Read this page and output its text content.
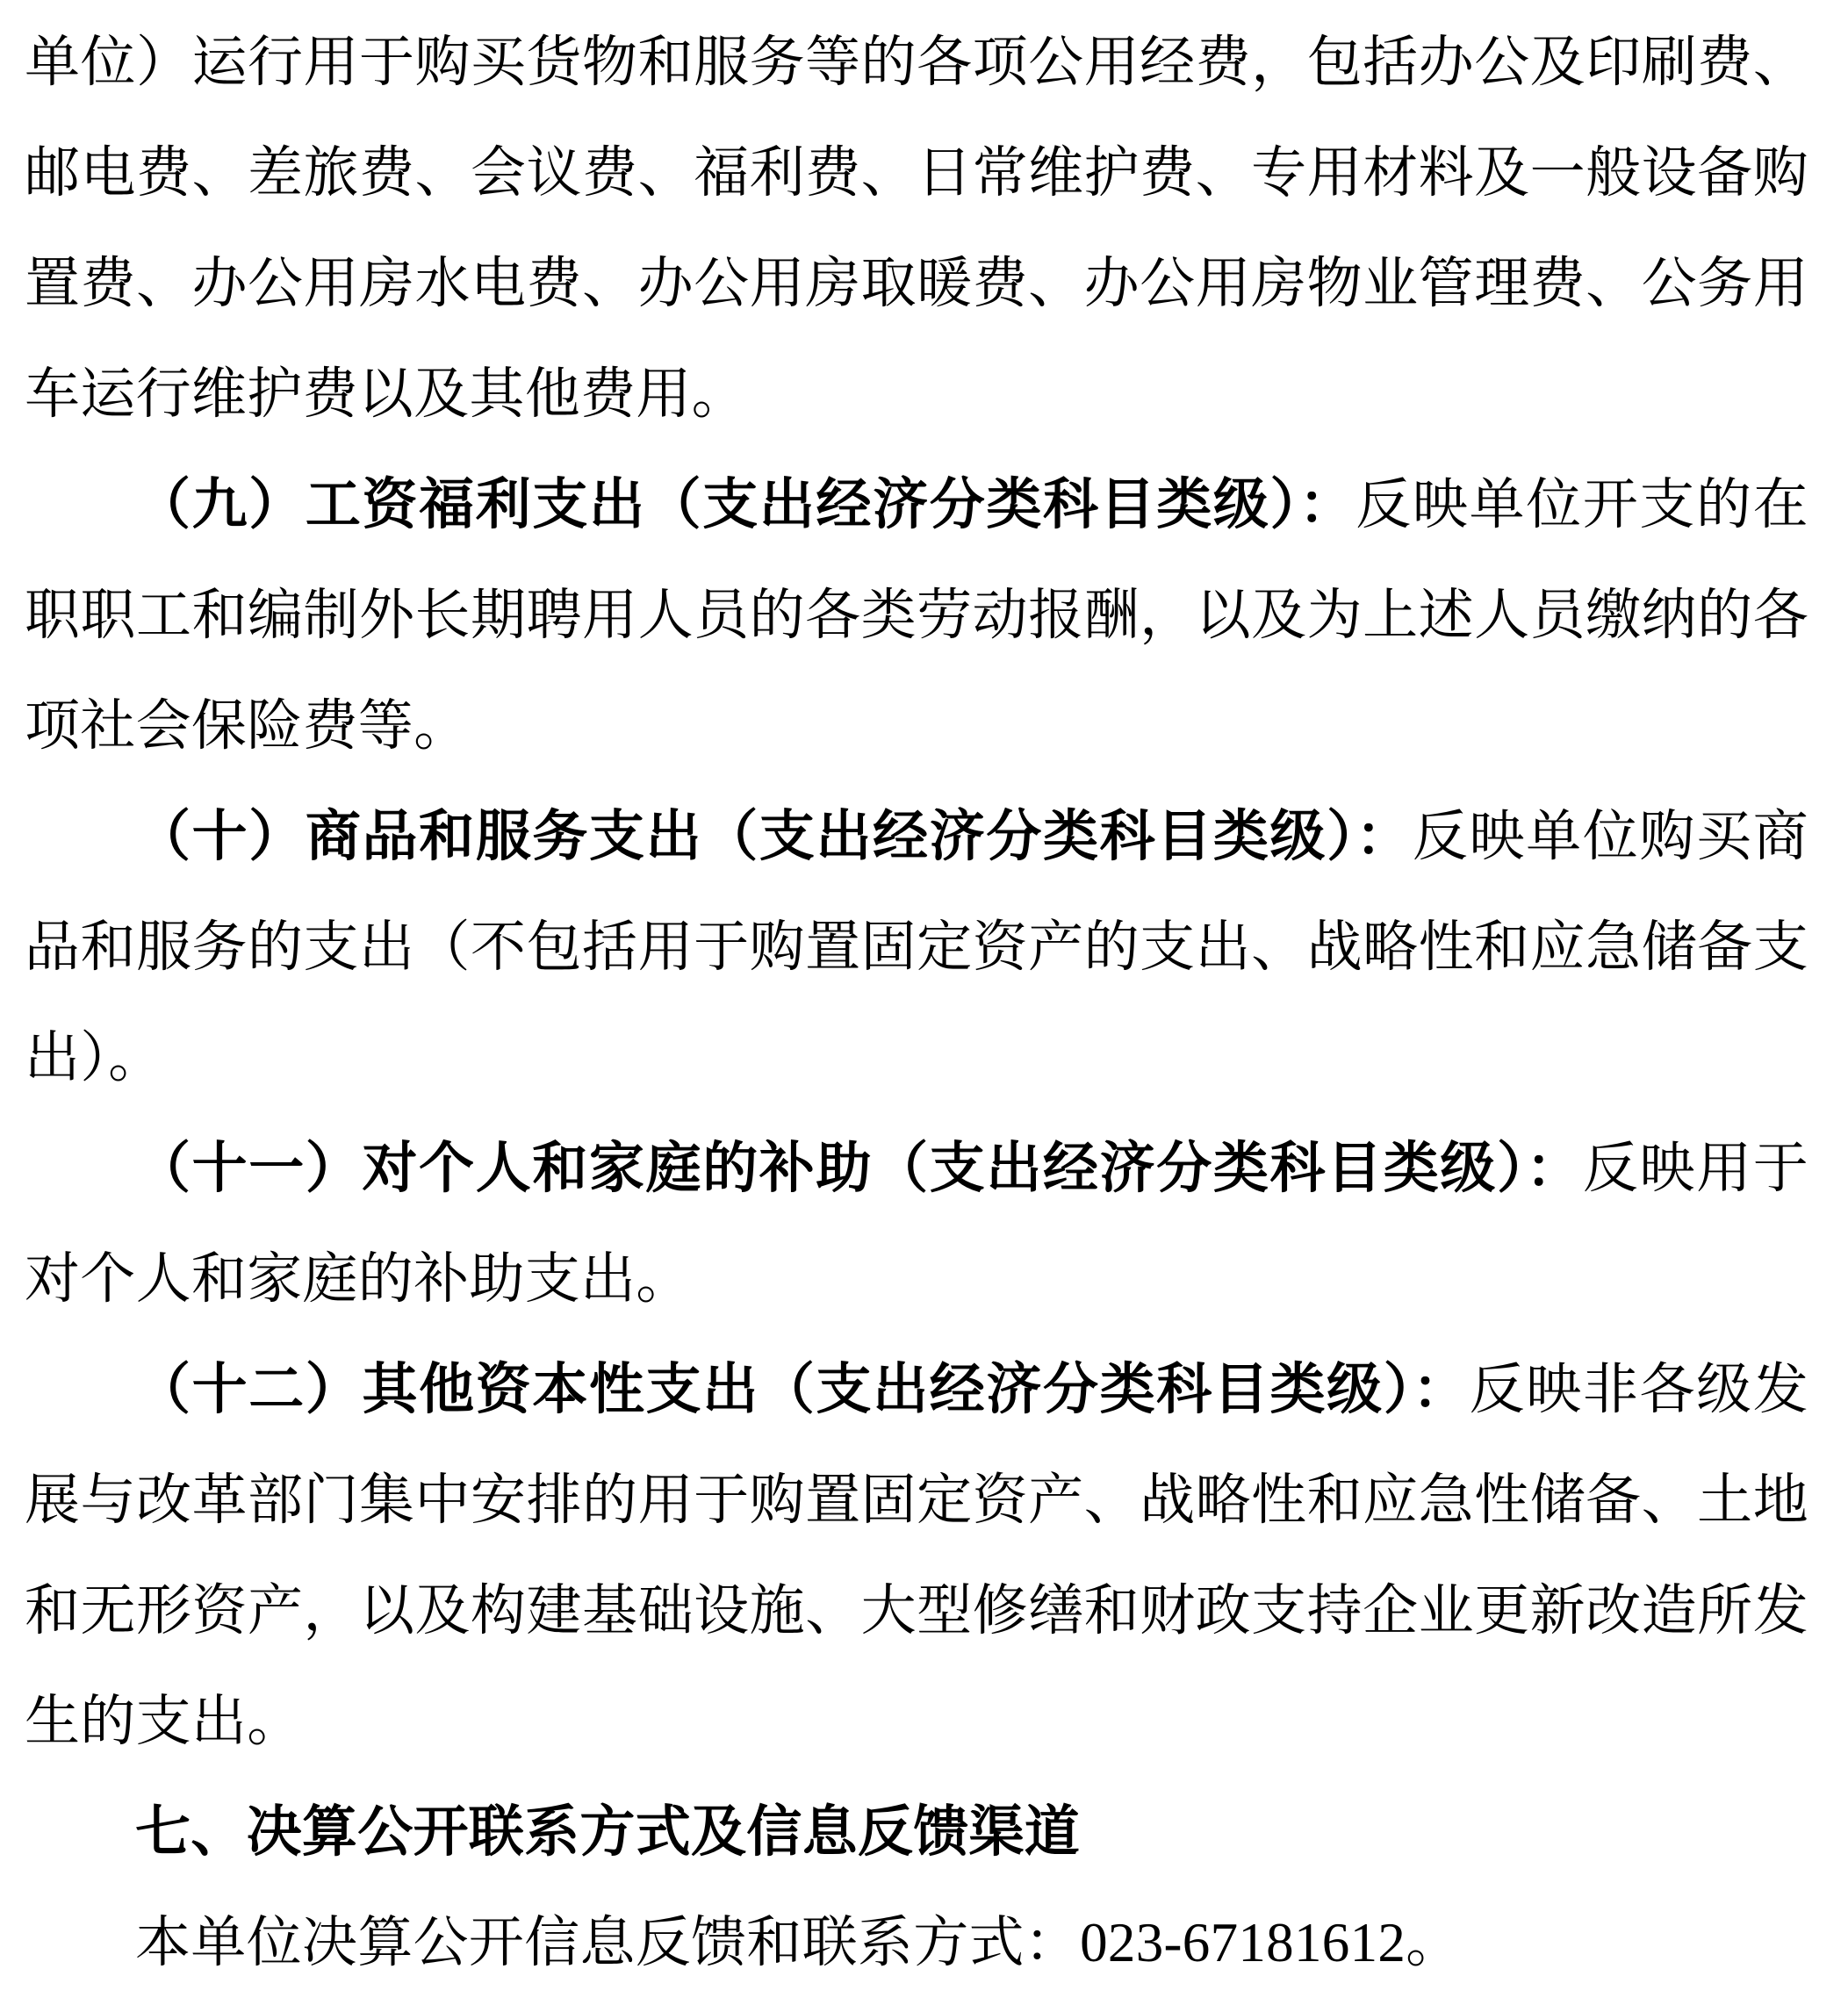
单位）运行用于购买货物和服务等的各项公用经费，包括办公及印刷费、
邮电费、差旅费、会议费、福利费、日常维护费、专用材料及一般设备购
置费、办公用房水电费、办公用房取暖费、办公用房物业管理费、公务用
车运行维护费以及其他费用。
（九）工资福利支出（支出经济分类科目类级）：反映单位开支的在
职职工和编制外长期聘用人员的各类劳动报酬，以及为上述人员缴纳的各
项社会保险费等。
（十）商品和服务支出（支出经济分类科目类级）：反映单位购买商
品和服务的支出（不包括用于购置固定资产的支出、战略性和应急储备支
出）。
（十一）对个人和家庭的补助（支出经济分类科目类级）：反映用于
对个人和家庭的补助支出。
（十二）其他资本性支出（支出经济分类科目类级）：反映非各级发
展与改革部门集中安排的用于购置固定资产、战略性和应急性储备、土地
和无形资产，以及构建基础设施、大型修缮和财政支持企业更新改造所发
生的支出。
七、决算公开联系方式及信息反馈渠道
本单位决算公开信息反馈和联系方式：023-67181612。
